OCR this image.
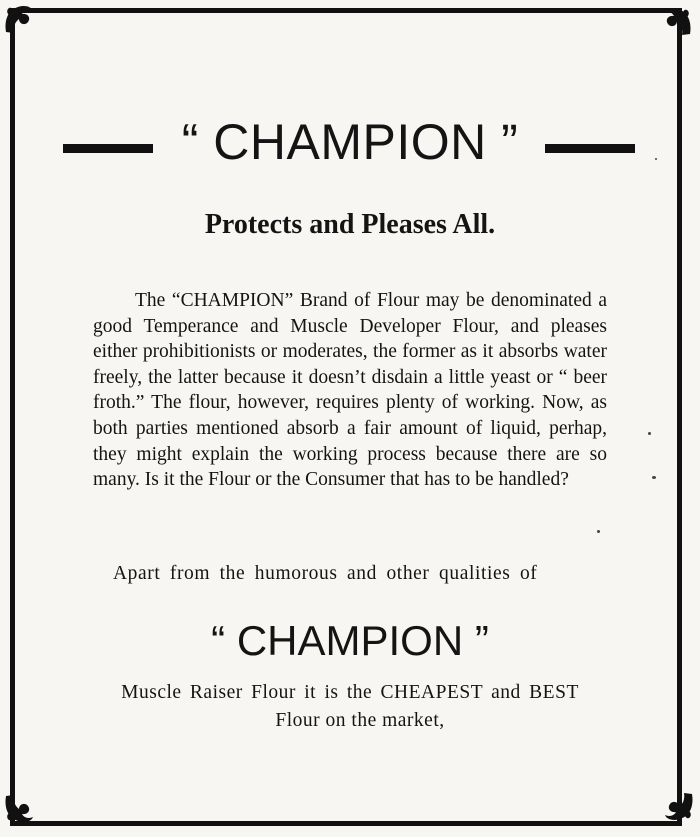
“ CHAMPION ”
Protects and Pleases All.

The “CHAMPION” Brand of Flour may be denominated a good Temperance and Muscle Developer Flour, and pleases either prohibitionists or moderates, the former as it absorbs water freely, the latter because it doesn’t disdain a little yeast or “ beer froth.” The flour, however, requires plenty of working. Now, as both parties mentioned absorb a fair amount of liquid, perhap, they might explain the working process because there are so many. Is it the Flour or the Consumer that has to be handled?

Apart from the humorous and other qualities of
“ CHAMPION ”
Muscle Raiser Flour it is the CHEAPEST and BEST
Flour on the market,
